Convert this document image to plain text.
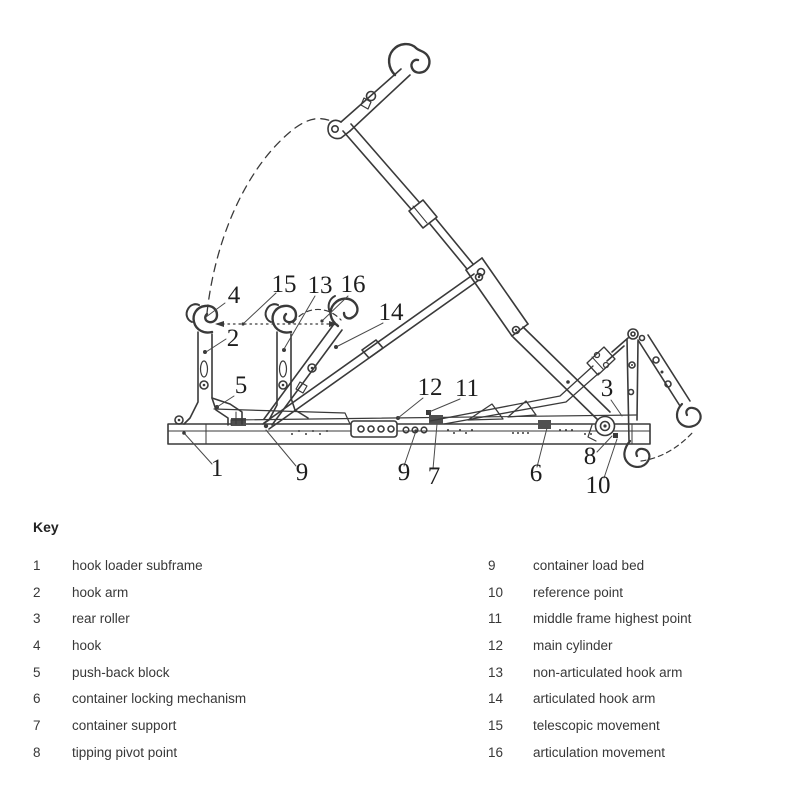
1
2
3
4
5
6
7
8
9	9	10
11
12
13
14
15 16
Key
1	hook loader subframe
2	hook arm
3	rear roller
4	hook
5	push-back block
6	container locking mechanism
7	container support
8	tipping pivot point
9	container load bed
10	reference point
11	middle frame highest point
12	main cylinder
13	non-articulated hook arm
14	articulated hook arm
15	telescopic movement
16	articulation movement
